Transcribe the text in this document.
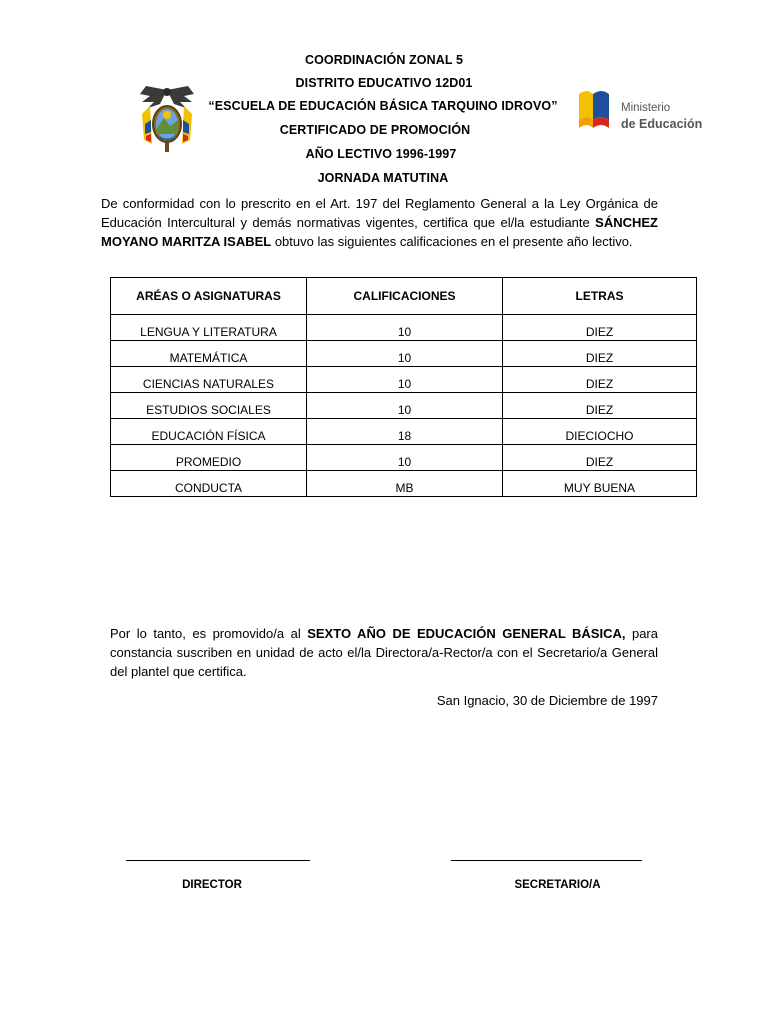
Ministerio
de Educación
COORDINACIÓN ZONAL 5
DISTRITO EDUCATIVO 12D01
“ESCUELA DE EDUCACIÓN BÁSICA TARQUINO IDROVO”
CERTIFICADO DE PROMOCIÓN
AÑO LECTIVO 1996-1997
JORNADA MATUTINA
De conformidad con lo prescrito en el Art. 197 del Reglamento General a la Ley Orgánica de Educación Intercultural y demás normativas vigentes, certifica que el/la estudiante SÁNCHEZ MOYANO MARITZA ISABEL obtuvo las siguientes calificaciones en el presente año lectivo.
ARÉAS O ASIGNATURAS	CALIFICACIONES	LETRAS
LENGUA Y LITERATURA	10	DIEZ
MATEMÁTICA	10	DIEZ
CIENCIAS NATURALES	10	DIEZ
ESTUDIOS SOCIALES	10	DIEZ
EDUCACIÓN FÍSICA	18	DIECIOCHO
PROMEDIO	10	DIEZ
CONDUCTA	MB	MUY BUENA
Por lo tanto, es promovido/a al SEXTO AÑO DE EDUCACIÓN GENERAL BÁSICA, para constancia suscriben en unidad de acto el/la Directora/a-Rector/a con el Secretario/a General del plantel que certifica.
San Ignacio, 30 de Diciembre de 1997
DIRECTOR	SECRETARIO/A
